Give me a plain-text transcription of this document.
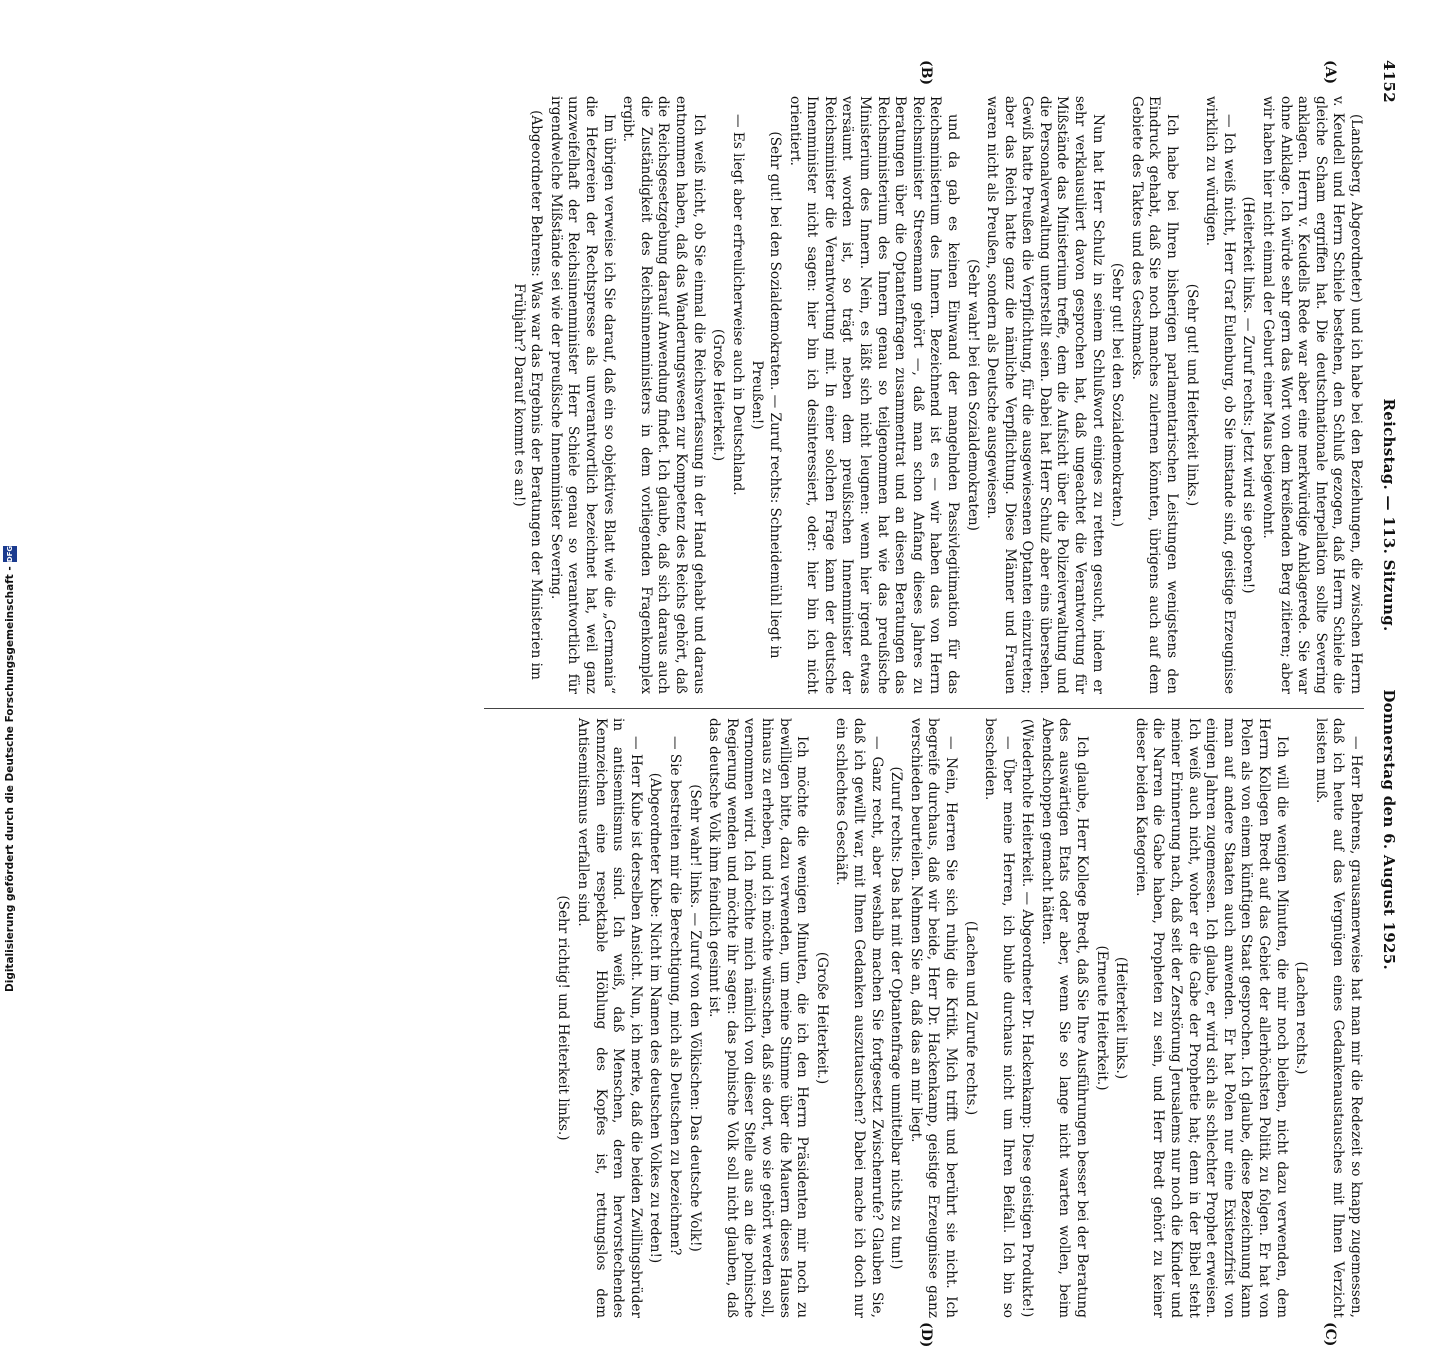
4152
Reichstag. — 113. Sitzung.
Donnerstag den 6. August 1925.
(A)
(B)
(C)
(D)

(Landsberg, Abgeordneter) und ich habe bei den Beziehungen, die zwischen Herrn v. Keudell und Herrn Schiele bestehen, den Schluß gezogen, daß Herrn Schiele die gleiche Scham ergriffen hat. Die deutschnationale Interpellation sollte Severing anklagen. Herrn v. Keudells Rede war aber eine merkwürdige Anklagerede. Sie war ohne Anklage. Ich würde sehr gern das Wort von dem kreißenden Berg zitieren; aber wir haben hier nicht einmal der Geburt einer Maus beigewohnt.

(Heiterkeit links. — Zuruf rechts: Jetzt wird sie geboren!)

— Ich weiß nicht, Herr Graf Eulenburg, ob Sie imstande sind, geistige Erzeugnisse wirklich zu würdigen.

(Sehr gut! und Heiterkeit links.)

Ich habe bei Ihren bisherigen parlamentarischen Leistungen wenigstens den Eindruck gehabt, daß Sie noch manches zulernen könnten, übrigens auch auf dem Gebiete des Taktes und des Geschmacks.

(Sehr gut! bei den Sozialdemokraten.)

Nun hat Herr Schulz in seinem Schlußwort einiges zu retten gesucht, indem er sehr verklausuliert davon gesprochen hat, daß ungeachtet die Verantwortung für Mißstände das Ministerium treffe, dem die Aufsicht über die Polizeiverwaltung und die Personalverwaltung unterstellt seien. Dabei hat Herr Schulz aber eins übersehen. Gewiß hatte Preußen die Verpflichtung, für die ausgewiesenen Optanten einzutreten; aber das Reich hatte ganz die nämliche Verpflichtung. Diese Männer und Frauen waren nicht als Preußen, sondern als Deutsche ausgewiesen.

(Sehr wahr! bei den Sozialdemokraten)

und da gab es keinen Einwand der mangelnden Passivlegitimation für das Reichsministerium des Innern. Bezeichnend ist es — wir haben das von Herrn Reichsminister Stresemann gehört —, daß man schon Anfang dieses Jahres zu Beratungen über die Optantenfragen zusammentrat und an diesen Beratungen das Reichsministerium des Innern genau so teilgenommen hat wie das preußische Ministerium des Innern. Nein, es läßt sich nicht leugnen: wenn hier irgend etwas versäumt worden ist, so trägt neben dem preußischen Innenminister der Reichsminister die Verantwortung mit. In einer solchen Frage kann der deutsche Innenminister nicht sagen: hier bin ich desinteressiert, oder: hier bin ich nicht orientiert.

(Sehr gut! bei den Sozialdemokraten. — Zuruf rechts: Schneidemühl liegt in Preußen!)

— Es liegt aber erfreulicherweise auch in Deutschland.

(Große Heiterkeit.)

Ich weiß nicht, ob Sie einmal die Reichsverfassung in der Hand gehabt und daraus entnommen haben, daß das Wanderungswesen zur Kompetenz des Reichs gehört, daß die Reichsgesetzgebung darauf Anwendung findet. Ich glaube, daß sich daraus auch die Zuständigkeit des Reichsinnenministers in dem vorliegenden Fragenkomplex ergibt.

Im übrigen verweise ich Sie darauf, daß ein so objektives Blatt wie die „Germania“ die Hetzereien der Rechtspresse als unverantwortlich bezeichnet hat, weil ganz unzweifelhaft der Reichsinnenminister Herr Schiele genau so verantwortlich für irgendwelche Mißstände sei wie der preußische Innenminister Severing.

(Abgeordneter Behrens: Was war das Ergebnis der Beratungen der Ministerien im Frühjahr? Darauf kommt es an!)

— Herr Behrens, grausamerweise hat man mir die Redezeit so knapp zugemessen, daß ich heute auf das Vergnügen eines Gedankenaustausches mit Ihnen Verzicht leisten muß.

(Lachen rechts.)

Ich will die wenigen Minuten, die mir noch bleiben, nicht dazu verwenden, dem Herrn Kollegen Bredt auf das Gebiet der allerhöchsten Politik zu folgen. Er hat von Polen als von einem künftigen Staat gesprochen. Ich glaube, diese Bezeichnung kann man auf andere Staaten auch anwenden. Er hat Polen nur eine Existenzfrist von einigen Jahren zugemessen. Ich glaube, er wird sich als schlechter Prophet erweisen. Ich weiß auch nicht, woher er die Gabe der Prophetie hat; denn in der Bibel steht meiner Erinnerung nach, daß seit der Zerstörung Jerusalems nur noch die Kinder und die Narren die Gabe haben, Propheten zu sein, und Herr Bredt gehört zu keiner dieser beiden Kategorien.

(Heiterkeit links.)

(Erneute Heiterkeit.)

Ich glaube, Herr Kollege Bredt, daß Sie Ihre Ausführungen besser bei der Beratung des auswärtigen Etats oder aber, wenn Sie so lange nicht warten wollen, beim Abendschoppen gemacht hätten.

(Wiederholte Heiterkeit. — Abgeordneter Dr. Hackenkamp: Diese geistigen Produkte!)

— Über meine Herren, ich buhle durchaus nicht um Ihren Beifall. Ich bin so bescheiden.

(Lachen und Zurufe rechts.)

— Nein, Herren Sie sich ruhig die Kritik. Mich trifft und berührt sie nicht. Ich begreife durchaus, daß wir beide, Herr Dr. Hackenkamp, geistige Erzeugnisse ganz verschieden beurteilen. Nehmen Sie an, daß das an mir liegt.

(Zuruf rechts: Das hat mit der Optantenfrage unmittelbar nichts zu tun!)

— Ganz recht, aber weshalb machen Sie fortgesetzt Zwischenrufe? Glauben Sie, daß ich gewillt war, mit Ihnen Gedanken auszutauschen? Dabei mache ich doch nur ein schlechtes Geschäft.

(Große Heiterkeit.)

Ich möchte die wenigen Minuten, die ich den Herrn Präsidenten mir noch zu bewilligen bitte, dazu verwenden, um meine Stimme über die Mauern dieses Hauses hinaus zu erheben, und ich möchte wünschen, daß sie dort, wo sie gehört werden soll, vernommen wird. Ich möchte mich nämlich von dieser Stelle aus an die polnische Regierung wenden und möchte ihr sagen: das polnische Volk soll nicht glauben, daß das deutsche Volk ihm feindlich gesinnt ist.

(Sehr wahr! links. — Zuruf von den Völkischen: Das deutsche Volk!)

— Sie bestreiten mir die Berechtigung, mich als Deutschen zu bezeichnen?

(Abgeordneter Kube: Nicht im Namen des deutschen Volkes zu reden!)

— Herr Kube ist derselben Ansicht. Nun, ich merke, daß die beiden Zwillingsbrüder in antisemitismus sind. Ich weiß, daß Menschen, deren hervorstechendes Kennzeichen eine respektable Höhlung des Kopfes ist, rettungslos dem Antisemitismus verfallen sind.

(Sehr richtig! und Heiterkeit links.)

Digitalisierung gefördert durch die Deutsche Forschungsgemeinschaft -DFG
